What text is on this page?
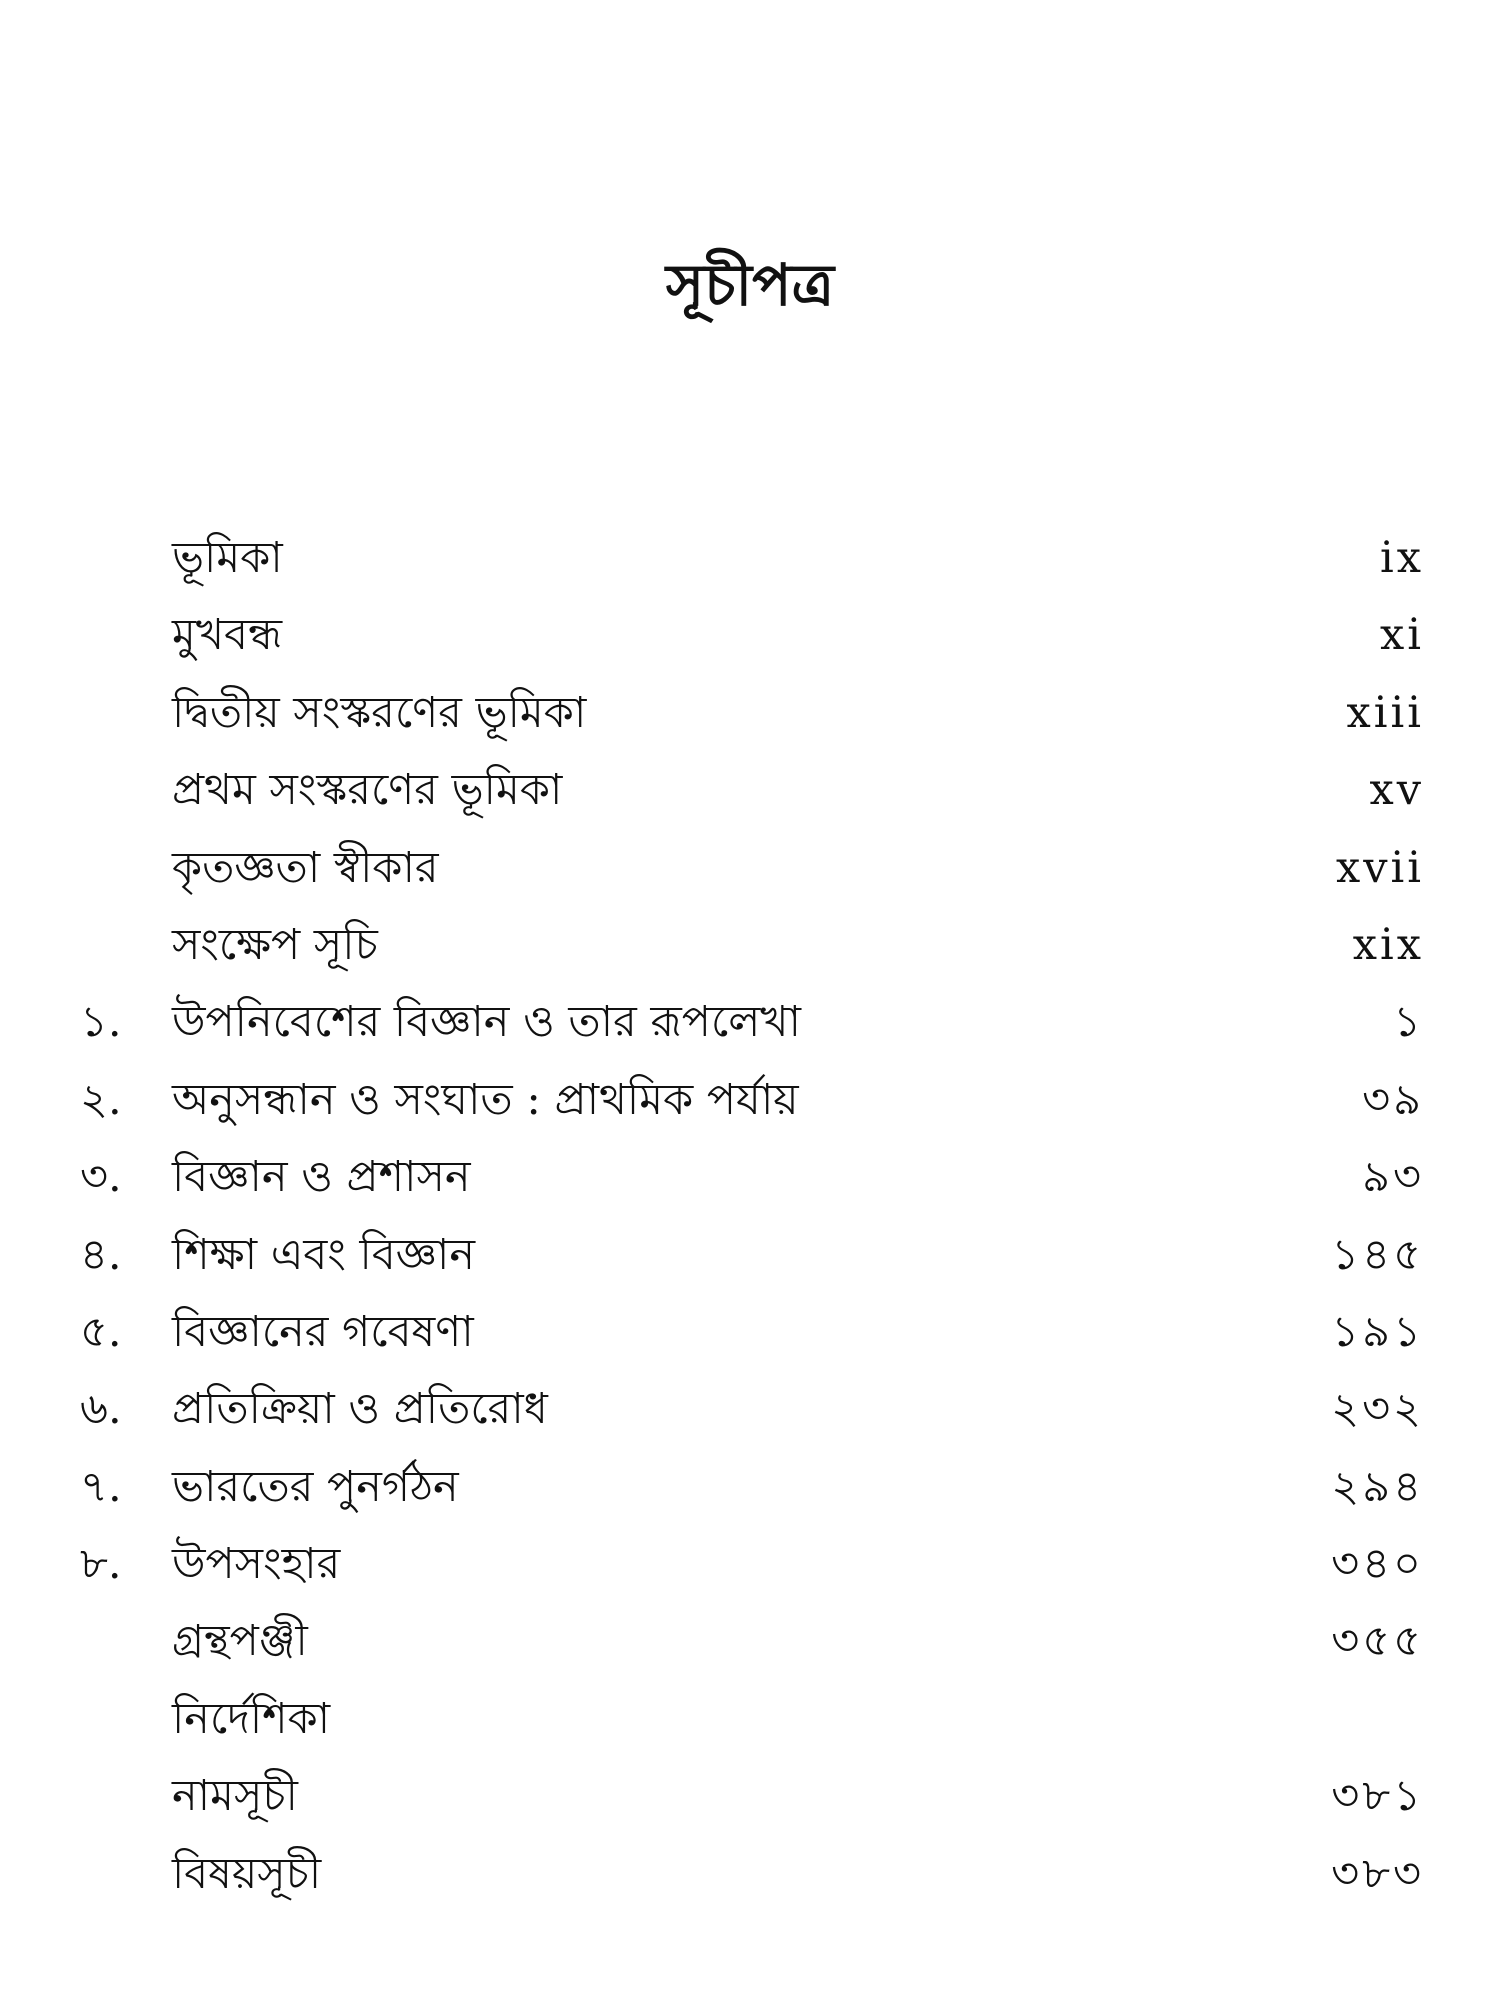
সূচীপত্র
ভূমিকা	ix
মুখবন্ধ	xi
দ্বিতীয় সংস্করণের ভূমিকা	xiii
প্রথম সংস্করণের ভূমিকা	xv
কৃতজ্ঞতা স্বীকার	xvii
সংক্ষেপ সূচি	xix
১.	উপনিবেশের বিজ্ঞান ও তার রূপলেখা	১
২.	অনুসন্ধান ও সংঘাত : প্রাথমিক পর্যায়	৩৯
৩.	বিজ্ঞান ও প্রশাসন	৯৩
৪.	শিক্ষা এবং বিজ্ঞান	১৪৫
৫.	বিজ্ঞানের গবেষণা	১৯১
৬.	প্রতিক্রিয়া ও প্রতিরোধ	২৩২
৭.	ভারতের পুনর্গঠন	২৯৪
৮.	উপসংহার	৩৪০
গ্রন্থপঞ্জী	৩৫৫
নির্দেশিকা
নামসূচী	৩৮১
বিষয়সূচী	৩৮৩
